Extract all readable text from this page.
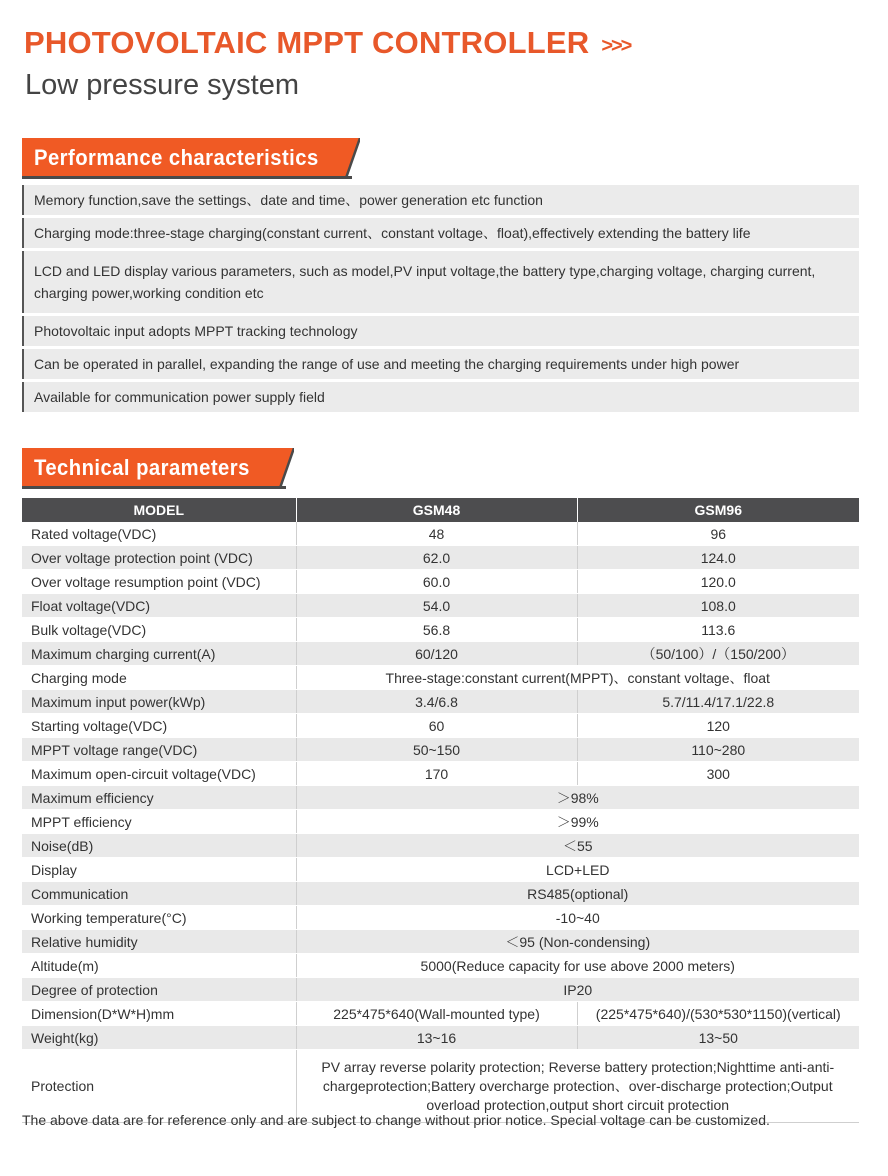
PHOTOVOLTAIC MPPT CONTROLLER >>>
Low pressure system
Performance characteristics
Memory function,save the settings、date and time、power generation etc function
Charging mode:three-stage charging(constant current、constant voltage、float),effectively extending the battery life
LCD and LED display various parameters, such as model,PV input voltage,the battery type,charging voltage, charging current, charging power,working condition etc
Photovoltaic input adopts MPPT tracking technology
Can be operated in parallel, expanding the range of use and meeting the charging requirements under high power
Available for communication power supply field
Technical parameters
MODEL	GSM48	GSM96
Rated voltage(VDC)	48	96
Over voltage protection point (VDC)	62.0	124.0
Over voltage resumption point (VDC)	60.0	120.0
Float voltage(VDC)	54.0	108.0
Bulk voltage(VDC)	56.8	113.6
Maximum charging current(A)	60/120	（50/100）/（150/200）
Charging mode	Three-stage:constant current(MPPT)、constant voltage、float	
Maximum input power(kWp)	3.4/6.8	5.7/11.4/17.1/22.8
Starting voltage(VDC)	60	120
MPPT voltage range(VDC)	50~150	110~280
Maximum open-circuit voltage(VDC)	170	300
Maximum efficiency	＞98%	
MPPT efficiency	＞99%	
Noise(dB)	＜55	
Display	LCD+LED	
Communication	RS485(optional)	
Working temperature(°C)	-10~40	
Relative humidity	＜95 (Non-condensing)	
Altitude(m)	5000(Reduce capacity for use above 2000 meters)	
Degree of protection	IP20	
Dimension(D*W*H)mm	225*475*640(Wall-mounted type)	(225*475*640)/(530*530*1150)(vertical)
Weight(kg)	13~16	13~50
Protection	PV array reverse polarity protection; Reverse battery protection;Nighttime anti-anti-chargeprotection;Battery overcharge protection、over-discharge protection;Output overload protection,output short circuit protection	
The above data are for reference only and are subject to change without prior notice. Special voltage can be customized.
